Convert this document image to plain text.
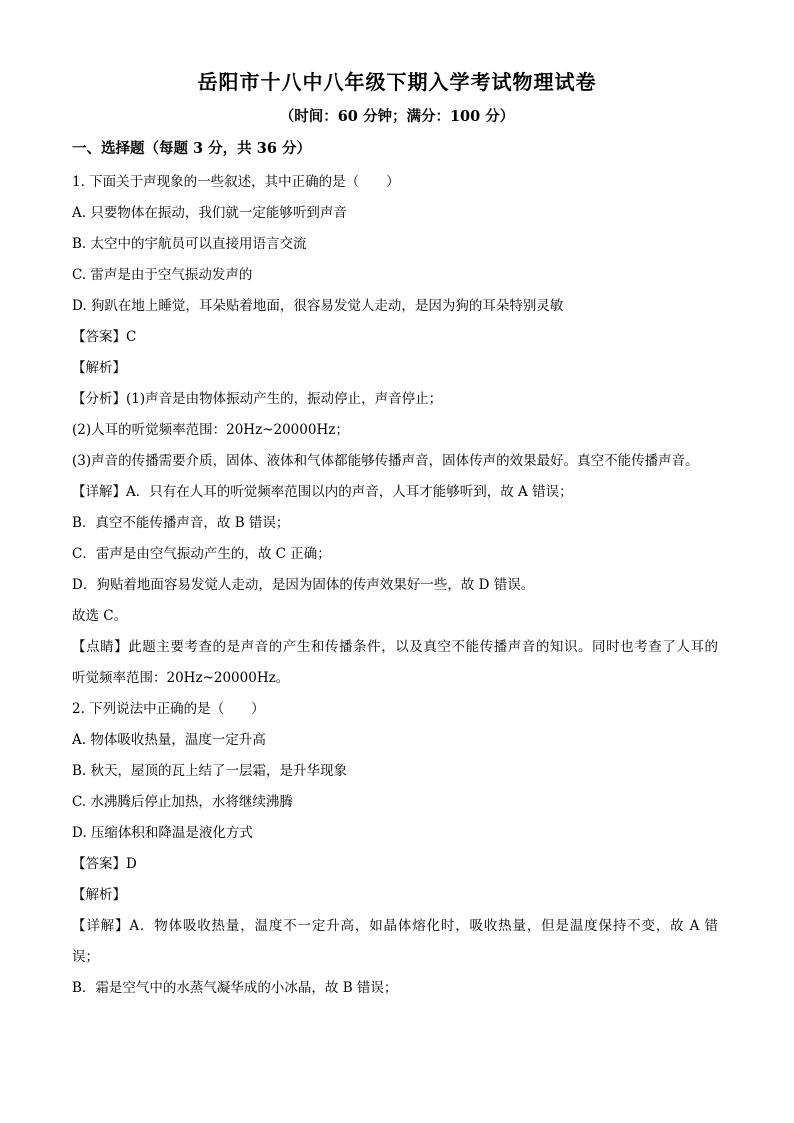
岳阳市十八中八年级下期入学考试物理试卷
（时间：60 分钟；满分：100 分）
一、选择题（每题 3 分，共 36 分）
1. 下面关于声现象的一些叙述，其中正确的是（　　）
A. 只要物体在振动，我们就一定能够听到声音
B. 太空中的宇航员可以直接用语言交流
C. 雷声是由于空气振动发声的
D. 狗趴在地上睡觉，耳朵贴着地面，很容易发觉人走动，是因为狗的耳朵特别灵敏
【答案】C
【解析】
【分析】(1)声音是由物体振动产生的，振动停止，声音停止；
(2)人耳的听觉频率范围：20Hz~20000Hz；
(3)声音的传播需要介质，固体、液体和气体都能够传播声音，固体传声的效果最好。真空不能传播声音。
【详解】A．只有在人耳的听觉频率范围以内的声音，人耳才能够听到，故 A 错误；
B．真空不能传播声音，故 B 错误；
C．雷声是由空气振动产生的，故 C 正确；
D．狗贴着地面容易发觉人走动，是因为固体的传声效果好一些，故 D 错误。
故选 C。
【点睛】此题主要考查的是声音的产生和传播条件，以及真空不能传播声音的知识。同时也考查了人耳的
听觉频率范围：20Hz~20000Hz。
2. 下列说法中正确的是（　　）
A. 物体吸收热量，温度一定升高
B. 秋天，屋顶的瓦上结了一层霜，是升华现象
C. 水沸腾后停止加热，水将继续沸腾
D. 压缩体积和降温是液化方式
【答案】D
【解析】
【详解】A．物体吸收热量，温度不一定升高，如晶体熔化时，吸收热量，但是温度保持不变，故 A 错
误；
B．霜是空气中的水蒸气凝华成的小冰晶，故 B 错误；
